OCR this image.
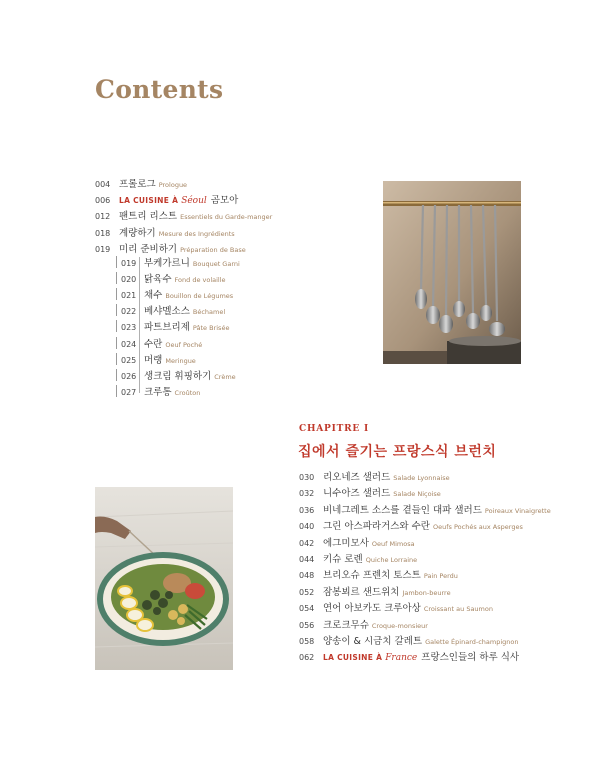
Contents
004 프롤로그 Prologue
006 LA CUISINE À Séoul 곰모아
012 팬트리 리스트 Essentiels du Garde-manger
018 계량하기 Mesure des Ingrédients
019 미리 준비하기 Préparation de Base
019 부케가르니 Bouquet Garni
020 닭육수 Fond de volaille
021 채수 Bouillon de Légumes
022 베샤멜소스 Béchamel
023 파트브리제 Pâte Brisée
024 수란 Oeuf Poché
025 머랭 Meringue
026 생크림 휘핑하기 Crème
027 크루통 Croûton
030 리오네즈 샐러드 Salade Lyonnaise
032 니수아즈 샐러드 Salade Niçoise
036 비네그레트 소스를 곁들인 대파 샐러드 Poireaux Vinaigrette
040 그린 아스파라거스와 수란 Oeufs Pochés aux Asperges
042 에그미모사 Oeuf Mimosa
044 키슈 로렌 Quiche Lorraine
048 브리오슈 프렌치 토스트 Pain Perdu
052 잠봉뵈르 샌드위치 Jambon-beurre
054 연어 아보카도 크루아상 Croissant au Saumon
056 크로크무슈 Croque-monsieur
058 양송이 & 시금치 갈레트 Galette Épinard-champignon
062 LA CUISINE À France 프랑스인들의 하루 식사
CHAPITRE Ⅰ
집에서 즐기는 프랑스식 브런치
